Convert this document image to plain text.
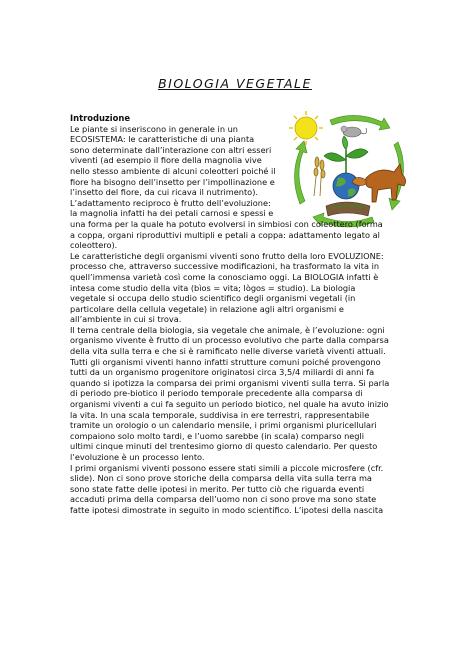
BIOLOGIA VEGETALE
Introduzione
Le piante si inseriscono in generale in un
ECOSISTEMA: le caratteristiche di una pianta
sono determinate dall’interazione con altri esseri
viventi (ad esempio il fiore della magnolia vive
nello stesso ambiente di alcuni coleotteri poiché il
fiore ha bisogno dell’insetto per l’impollinazione e
l’insetto del fiore, da cui ricava il nutrimento).
L’adattamento reciproco è frutto dell’evoluzione:
la magnolia infatti ha dei petali carnosi e spessi e
una forma per la quale ha potuto evolversi in simbiosi con coleottero (forma
a coppa, organi riproduttivi multipli e petali a coppa: adattamento legato al
coleottero).
Le caratteristiche degli organismi viventi sono frutto della loro EVOLUZIONE:
processo che, attraverso successive modificazioni, ha trasformato la vita in
quell’immensa varietà così come la conosciamo oggi. La BIOLOGIA infatti è
intesa come studio della vita (bìos = vita; lògos = studio). La biologia
vegetale si occupa dello studio scientifico degli organismi vegetali (in
particolare della cellula vegetale) in relazione agli altri organismi e
all’ambiente in cui si trova.
Il tema centrale della biologia, sia vegetale che animale, è l’evoluzione: ogni
organismo vivente è frutto di un processo evolutivo che parte dalla comparsa
della vita sulla terra e che si è ramificato nelle diverse varietà viventi attuali.
Tutti gli organismi viventi hanno infatti strutture comuni poiché provengono
tutti da un organismo progenitore originatosi circa 3,5/4 miliardi di anni fa
quando si ipotizza la comparsa dei primi organismi viventi sulla terra. Si parla
di periodo pre-biotico il periodo temporale precedente alla comparsa di
organismi viventi a cui fa seguito un periodo biotico, nel quale ha avuto inizio
la vita. In una scala temporale, suddivisa in ere terrestri, rappresentabile
tramite un orologio o un calendario mensile, i primi organismi pluricellulari
compaiono solo molto tardi, e l’uomo sarebbe (in scala) comparso negli
ultimi cinque minuti del trentesimo giorno di questo calendario. Per questo
l’evoluzione è un processo lento.
I primi organismi viventi possono essere stati simili a piccole microsfere (cfr.
slide). Non ci sono prove storiche della comparsa della vita sulla terra ma
sono state fatte delle ipotesi in merito. Per tutto ciò che riguarda eventi
accaduti prima della comparsa dell’uomo non ci sono prove ma sono state
fatte ipotesi dimostrate in seguito in modo scientifico. L’ipotesi della nascita
